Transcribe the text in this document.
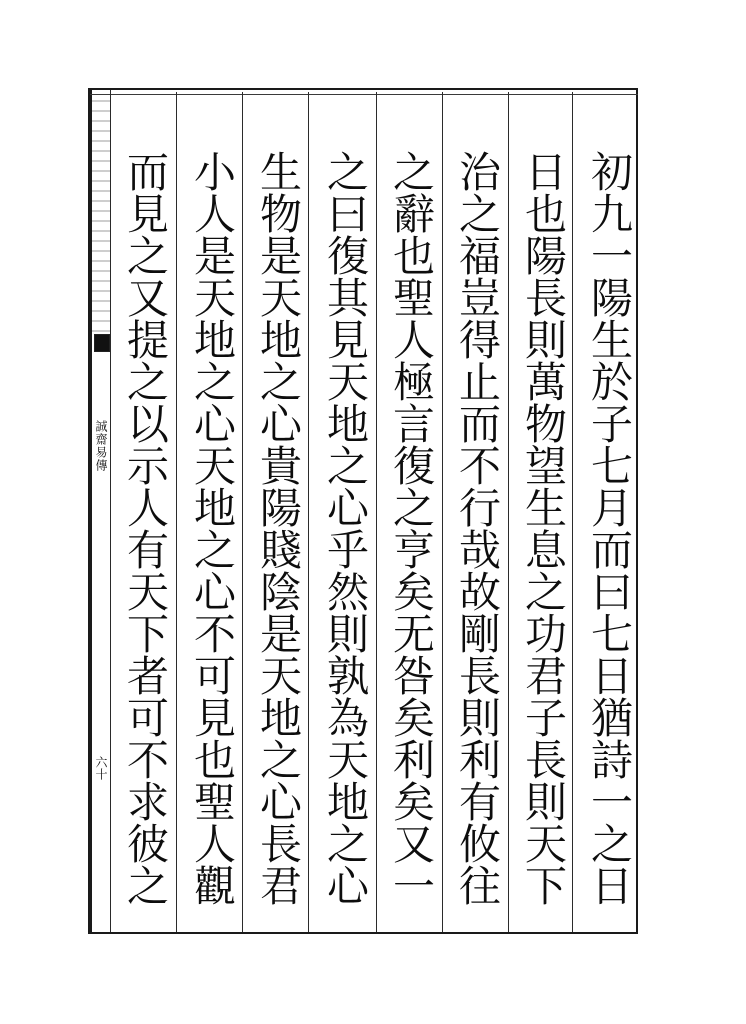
誠齋易傳
六十
初九一陽生於子七月而曰七日猶詩一之日
日也陽長則萬物望生息之功君子長則天下
治之福豈得止而不行哉故剛長則利有攸往
之辭也聖人極言復之亨矣无咎矣利矣又一
之曰復其見天地之心乎然則孰為天地之心
生物是天地之心貴陽賤陰是天地之心長君
小人是天地之心天地之心不可見也聖人觀
而見之又提之以示人有天下者可不求彼之
